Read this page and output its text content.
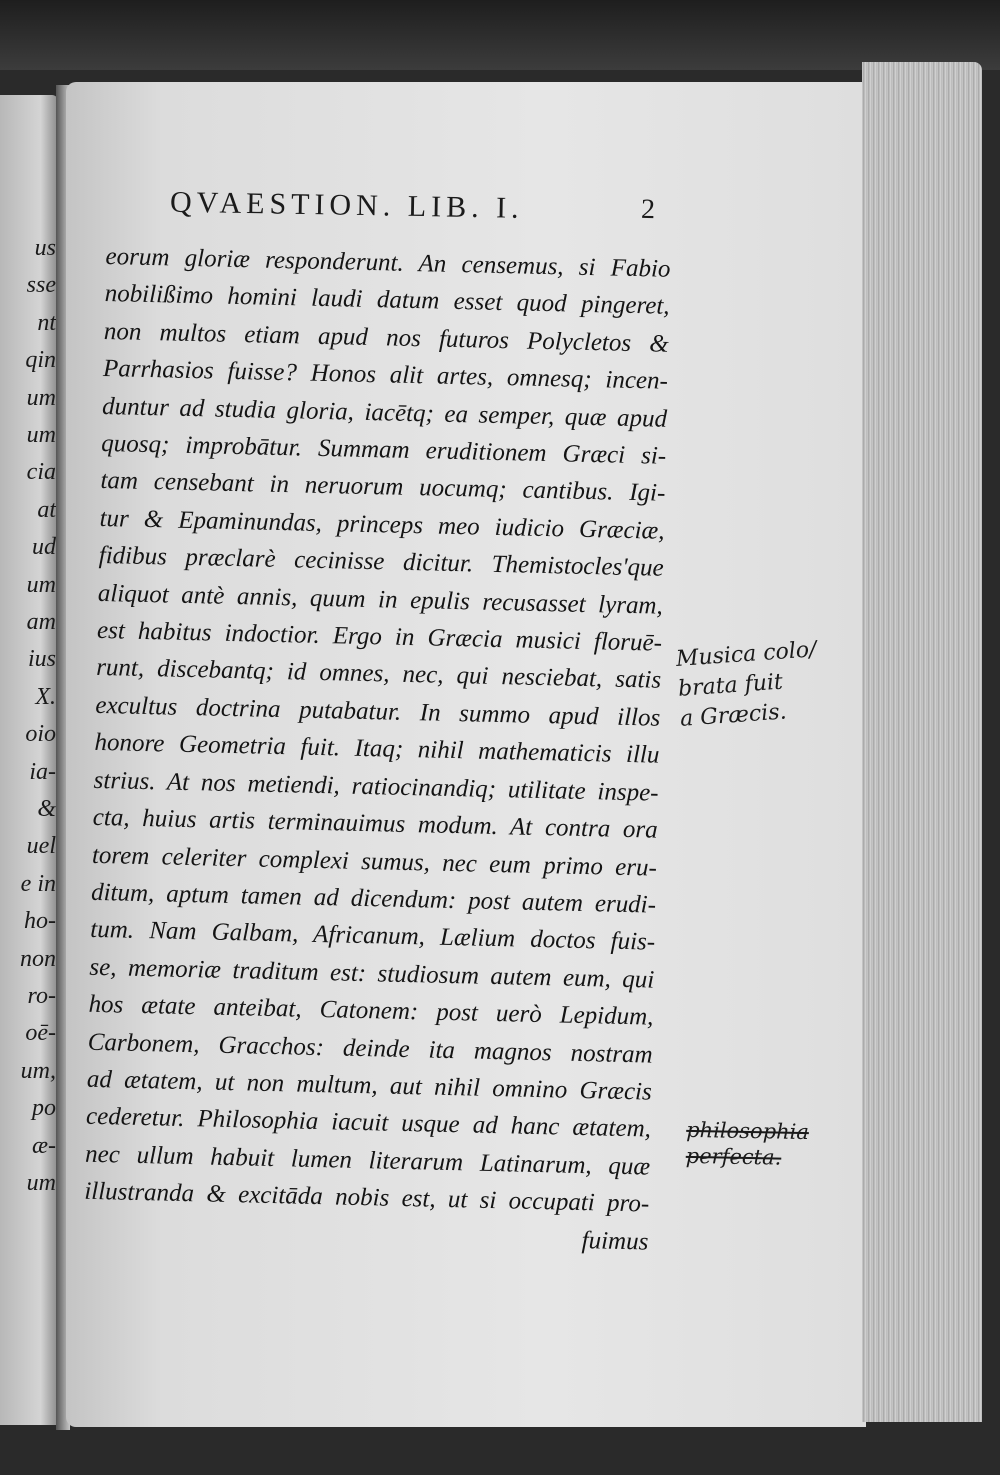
us
sse
nt
qin
um
um
cia
at
ud
um
am
ius
X.
oio
ia-
&
uel
e in
ho-
non
ro-
oē-
um,
po
æ-
um
QVAESTION. LIB. I.	2
eorum gloriæ responderunt. An censemus, si Fabio
nobilißimo homini laudi datum esset quod pingeret,
non multos etiam apud nos futuros Polycletos &
Parrhasios fuisse? Honos alit artes, omnesq; incen-
duntur ad studia gloria, iacētq; ea semper, quæ apud
quosq; improbātur. Summam eruditionem Græci si-
tam censebant in neruorum uocumq; cantibus. Igi-
tur & Epaminundas, princeps meo iudicio Græciæ,
fidibus præclarè cecinisse dicitur. Themistocles'que
aliquot antè annis, quum in epulis recusasset lyram,
est habitus indoctior. Ergo in Græcia musici floruē-
runt, discebantq; id omnes, nec, qui nesciebat, satis
excultus doctrina putabatur. In summo apud illos
honore Geometria fuit. Itaq; nihil mathematicis illu
strius. At nos metiendi, ratiocinandiq; utilitate inspe-
cta, huius artis terminauimus modum. At contra ora
torem celeriter complexi sumus, nec eum primo eru-
ditum, aptum tamen ad dicendum: post autem erudi-
tum. Nam Galbam, Africanum, Lælium doctos fuis-
se, memoriæ traditum est: studiosum autem eum, qui
hos ætate anteibat, Catonem: post uerò Lepidum,
Carbonem, Gracchos: deinde ita magnos nostram
ad ætatem, ut non multum, aut nihil omnino Græcis
cederetur. Philosophia iacuit usque ad hanc ætatem,
nec ullum habuit lumen literarum Latinarum, quæ
illustranda & excitāda nobis est, ut si occupati pro-
fuimus
Musica colo/
brata fuit
a Græcis.
philosophia
perfecta.
